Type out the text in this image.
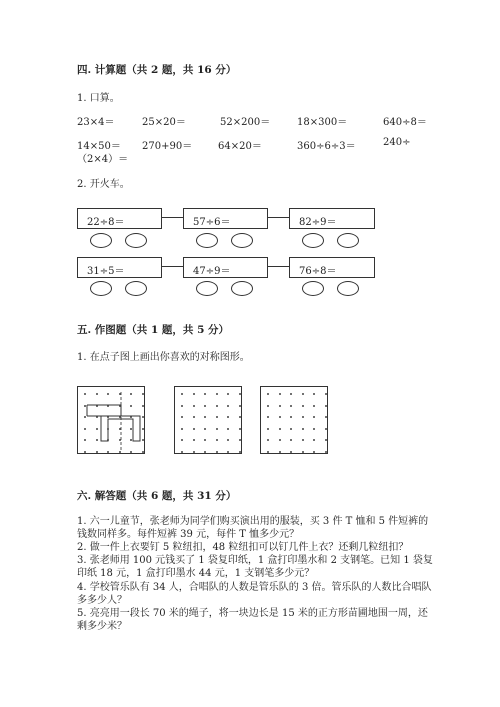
四. 计算题（共 2 题，共 16 分）
1. 口算。
23×4＝	25×20＝	52×200＝	18×300＝	640÷8＝
14×50＝ 270+90＝	64×20＝	360÷6÷3＝	240÷
（2×4）＝
2. 开火车。
22÷8＝	57÷6＝	82÷9＝
31÷5＝	47÷9＝	76÷8＝
五. 作图题（共 1 题，共 5 分）
1. 在点子图上画出你喜欢的对称图形。
六. 解答题（共 6 题，共 31 分）
1. 六一儿童节，张老师为同学们购买演出用的服装，买 3 件 T 恤和 5 件短裤的
钱数同样多。每件短裤 39 元，每件 T 恤多少元？
2. 做一件上衣要钉 5 粒纽扣，48 粒纽扣可以钉几件上衣？还剩几粒纽扣？
3. 张老师用 100 元钱买了 1 袋复印纸，1 盒打印墨水和 2 支钢笔。已知 1 袋复
印纸 18 元，1 盒打印墨水 44 元，1 支钢笔多少元？
4. 学校管乐队有 34 人，合唱队的人数是管乐队的 3 倍。管乐队的人数比合唱队
多多少人？
5. 亮亮用一段长 70 米的绳子，将一块边长是 15 米的正方形苗圃地围一周，还
剩多少米？
